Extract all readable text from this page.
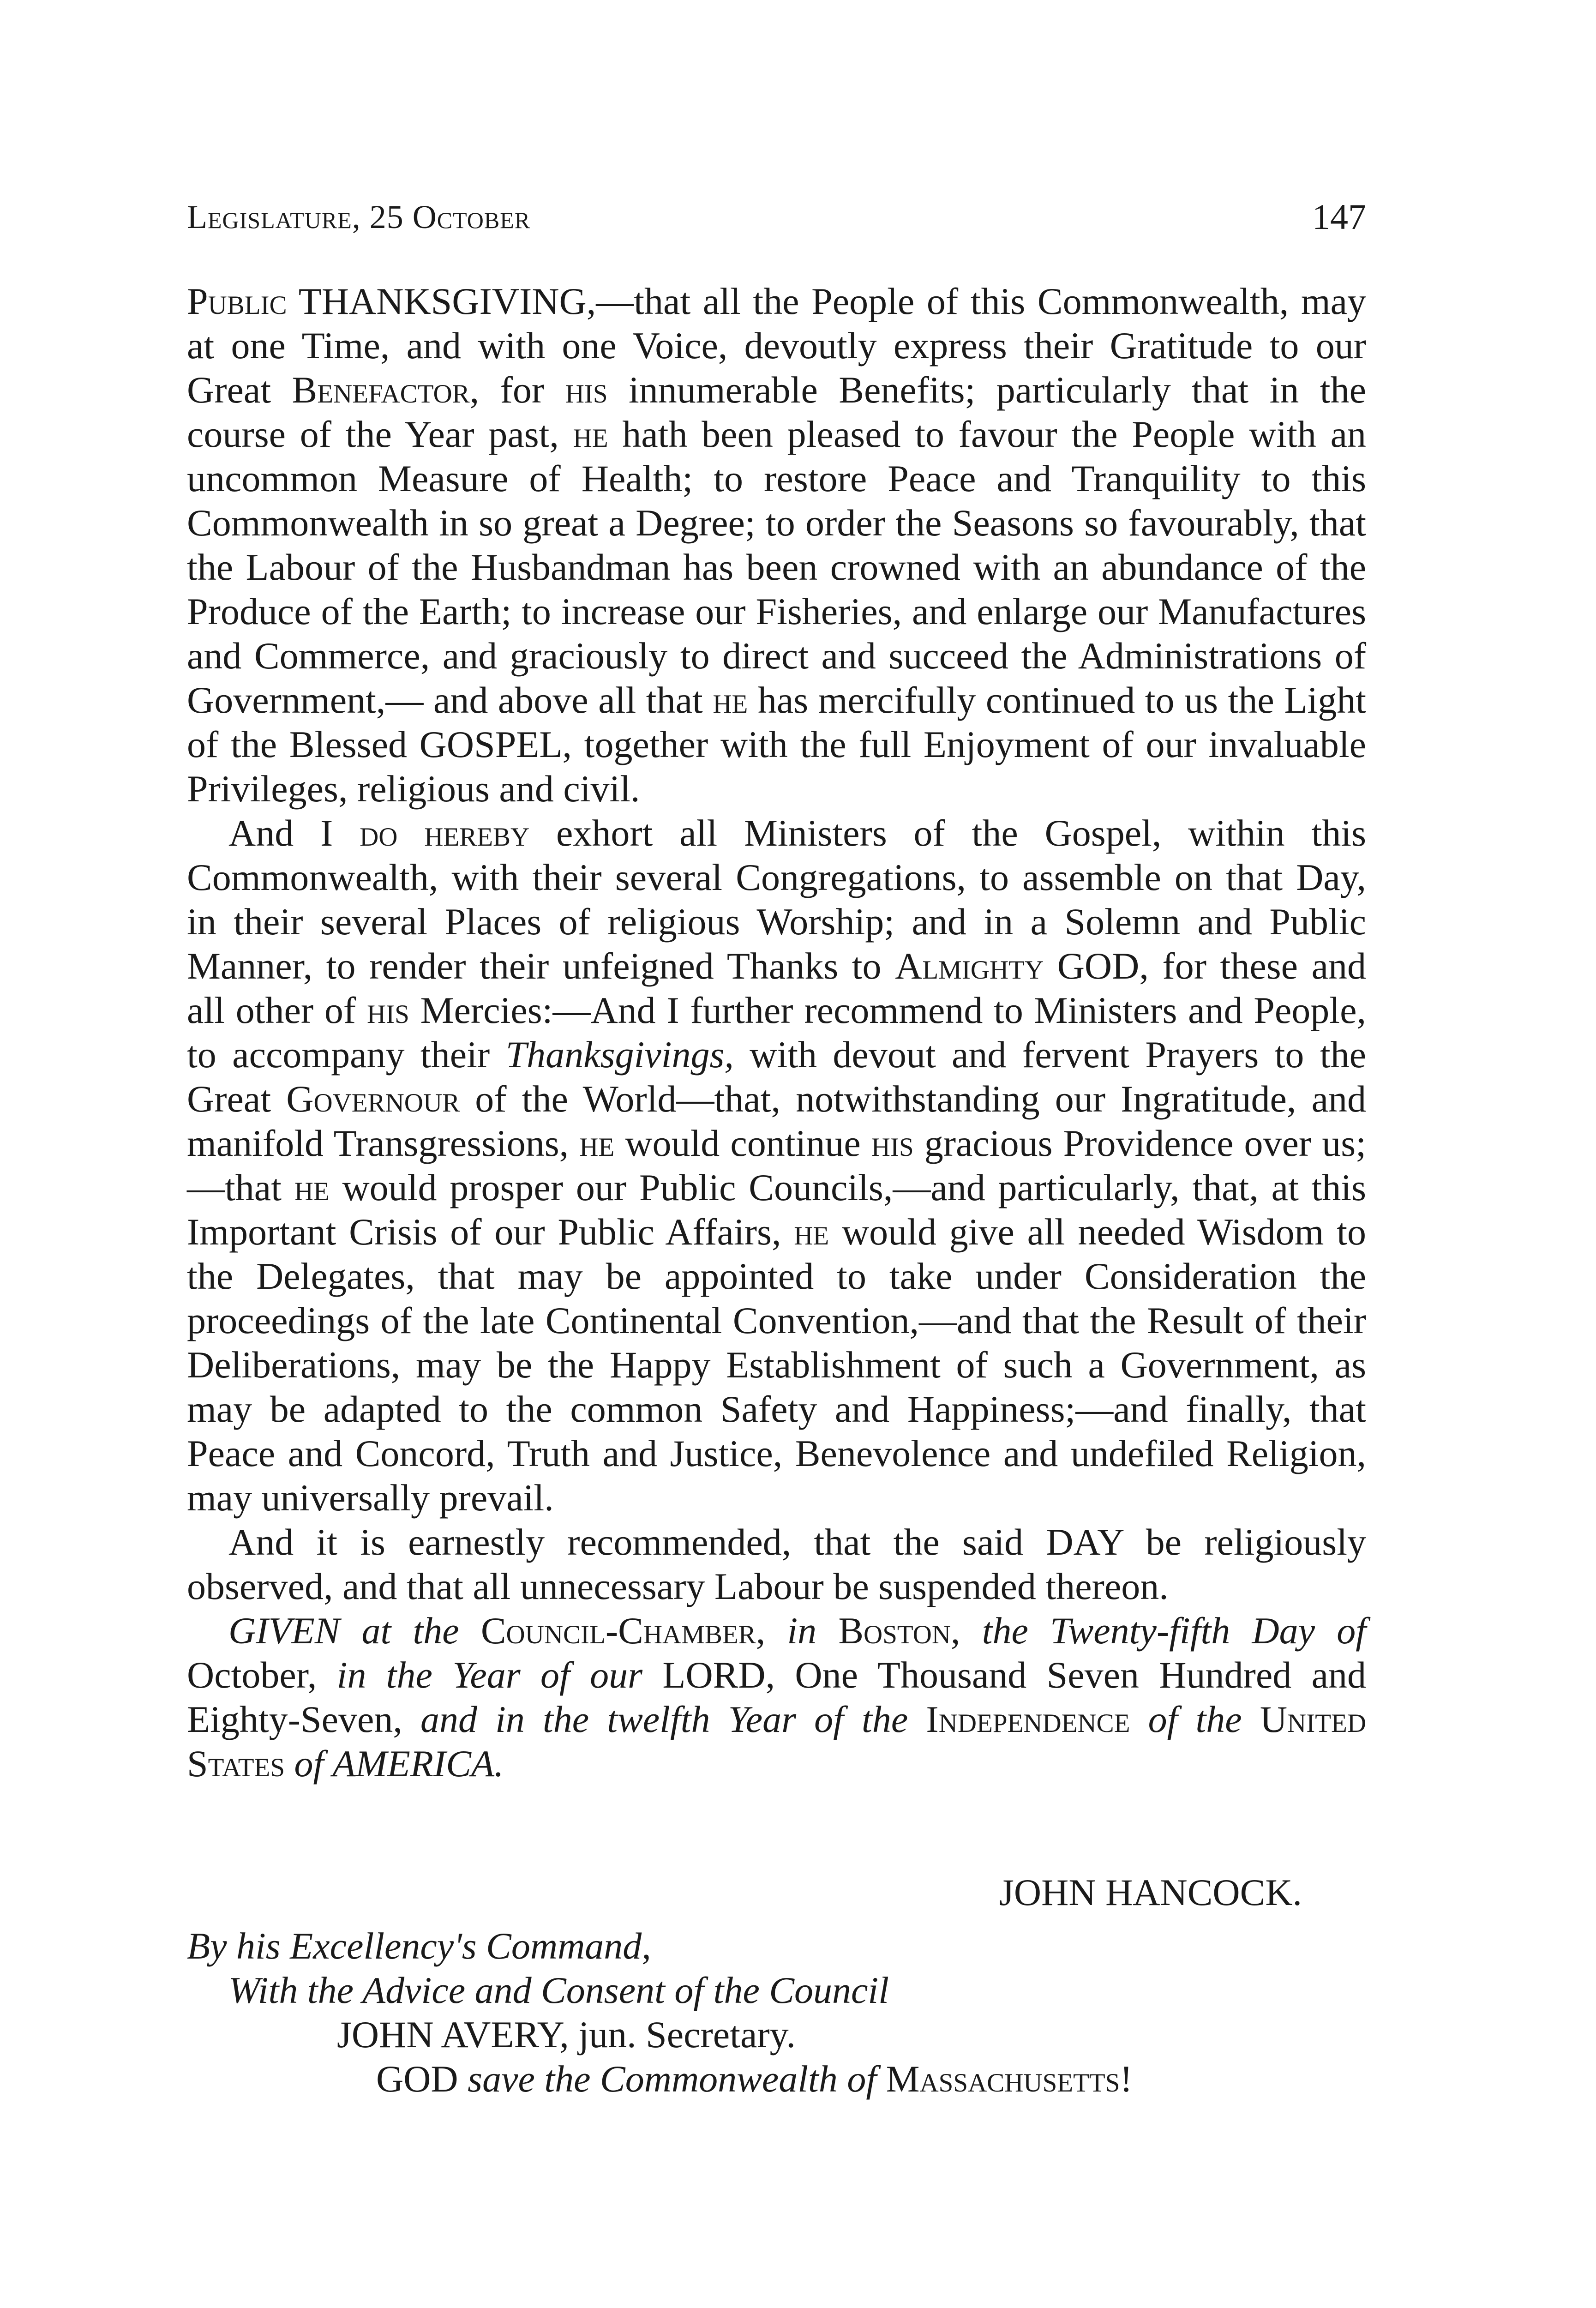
Legislature, 25 October	147

Public THANKSGIVING,—that all the People of this Commonwealth, may at one Time, and with one Voice, devoutly express their Gratitude to our Great Benefactor, for his innumerable Benefits; particularly that in the course of the Year past, he hath been pleased to favour the People with an uncommon Measure of Health; to restore Peace and Tranquility to this Commonwealth in so great a Degree; to order the Seasons so favourably, that the Labour of the Husbandman has been crowned with an abundance of the Produce of the Earth; to increase our Fisheries, and enlarge our Manufactures and Commerce, and graciously to direct and succeed the Administrations of Government,— and above all that he has mercifully continued to us the Light of the Blessed GOSPEL, together with the full Enjoyment of our invaluable Privileges, religious and civil.

And I do hereby exhort all Ministers of the Gospel, within this Commonwealth, with their several Congregations, to assemble on that Day, in their several Places of religious Worship; and in a Solemn and Public Manner, to render their unfeigned Thanks to Almighty GOD, for these and all other of his Mercies:—And I further recommend to Ministers and People, to accompany their Thanksgivings, with devout and fervent Prayers to the Great Governour of the World—that, notwithstanding our Ingratitude, and manifold Transgressions, he would continue his gracious Providence over us;—that he would prosper our Public Councils,—and particularly, that, at this Important Crisis of our Public Affairs, he would give all needed Wisdom to the Delegates, that may be appointed to take under Consideration the proceedings of the late Continental Convention,—and that the Result of their Deliberations, may be the Happy Establishment of such a Government, as may be adapted to the common Safety and Happiness;—and finally, that Peace and Concord, Truth and Justice, Benevolence and undefiled Religion, may universally prevail.

And it is earnestly recommended, that the said DAY be religiously observed, and that all unnecessary Labour be suspended thereon.

GIVEN at the Council-Chamber, in Boston, the Twenty-fifth Day of October, in the Year of our LORD, One Thousand Seven Hundred and Eighty-Seven, and in the twelfth Year of the Independence of the United States of AMERICA.

JOHN HANCOCK.
By his Excellency's Command,
With the Advice and Consent of the Council
JOHN AVERY, jun. Secretary.
GOD save the Commonwealth of Massachusetts!
